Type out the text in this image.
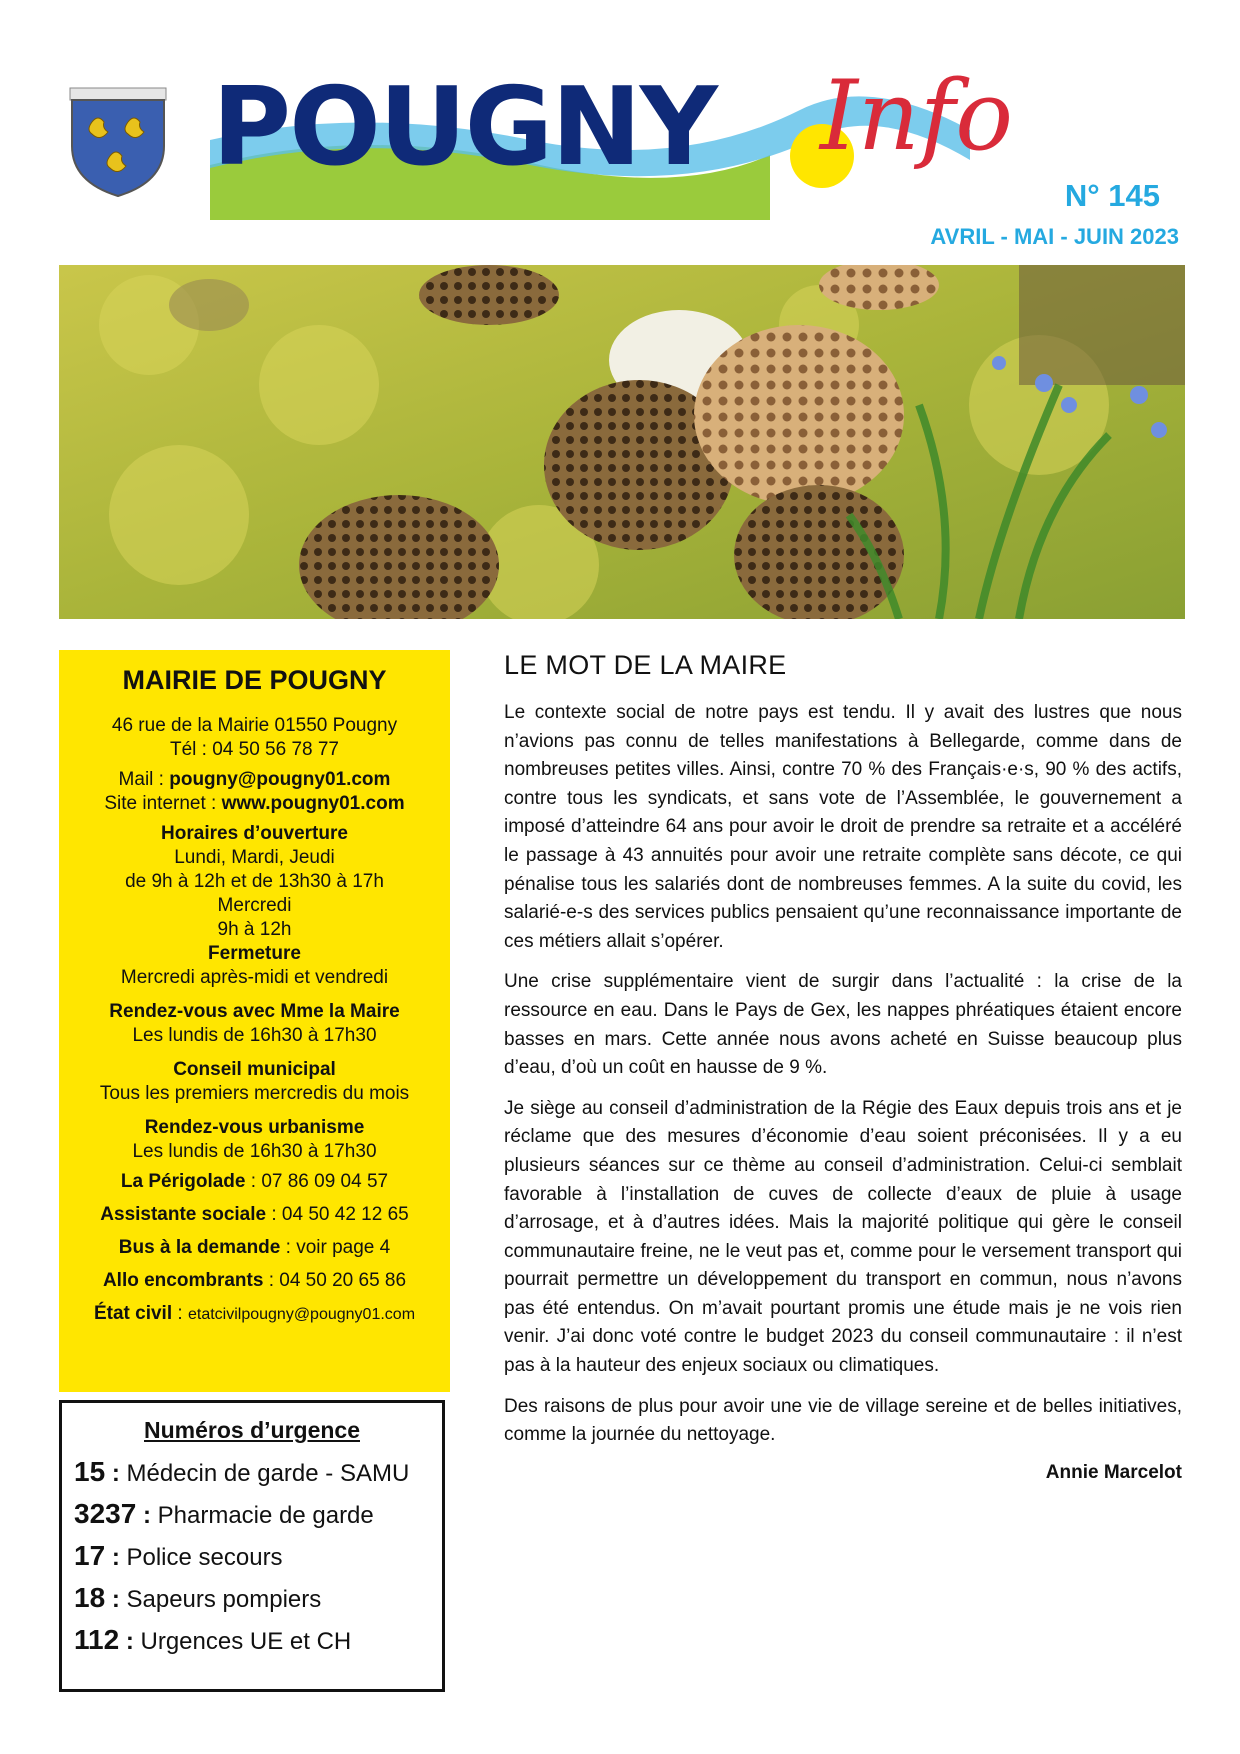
POUGNY Info
N° 145
AVRIL - MAI - JUIN 2023
MAIRIE DE POUGNY

46 rue de la Mairie 01550 Pougny

Tél : 04 50 56 78 77

Mail : pougny@pougny01.com

Site internet : www.pougny01.com

Horaires d’ouverture

Lundi, Mardi, Jeudi

de 9h à 12h et de 13h30 à 17h

Mercredi

9h à 12h

Fermeture

Mercredi après-midi et vendredi

Rendez-vous avec Mme la Maire

Les lundis de 16h30 à 17h30

Conseil municipal

Tous les premiers mercredis du mois

Rendez-vous urbanisme

Les lundis de 16h30 à 17h30

La Périgolade : 07 86 09 04 57

Assistante sociale : 04 50 42 12 65

Bus à la demande : voir page 4

Allo encombrants : 04 50 20 65 86

État civil : etatcivilpougny@pougny01.com

Numéros d’urgence
15 : Médecin de garde - SAMU
3237 : Pharmacie de garde
17 : Police secours
18 : Sapeurs pompiers
112 : Urgences UE et CH
LE MOT DE LA MAIRE

Le contexte social de notre pays est tendu. Il y avait des lustres que nous n’avions pas connu de telles manifestations à Bellegarde, comme dans de nombreuses petites villes. Ainsi, contre 70 % des Français·e·s, 90 % des actifs, contre tous les syndicats, et sans vote de l’Assemblée, le gouvernement a imposé d’atteindre 64 ans pour avoir le droit de prendre sa retraite et a accéléré le passage à 43 annuités pour avoir une retraite complète sans décote, ce qui pénalise tous les salariés dont de nombreuses femmes. A la suite du covid, les salarié-e-s des services publics pensaient qu’une reconnaissance importante de ces métiers allait s’opérer.

Une crise supplémentaire vient de surgir dans l’actualité : la crise de la ressource en eau. Dans le Pays de Gex, les nappes phréatiques étaient encore basses en mars. Cette année nous avons acheté en Suisse beaucoup plus d’eau, d’où un coût en hausse de 9 %.

Je siège au conseil d’administration de la Régie des Eaux depuis trois ans et je réclame que des mesures d’économie d’eau soient préconisées. Il y a eu plusieurs séances sur ce thème au conseil d’administration. Celui-ci semblait favorable à l’installation de cuves de collecte d’eaux de pluie à usage d’arrosage, et à d’autres idées. Mais la majorité politique qui gère le conseil communautaire freine, ne le veut pas et, comme pour le versement transport qui pourrait permettre un développement du transport en commun, nous n’avons pas été entendus. On m’avait pourtant promis une étude mais je ne vois rien venir. J’ai donc voté contre le budget 2023 du conseil communautaire : il n’est pas à la hauteur des enjeux sociaux ou climatiques.

Des raisons de plus pour avoir une vie de village sereine et de belles initiatives, comme la journée du nettoyage.

Annie Marcelot
